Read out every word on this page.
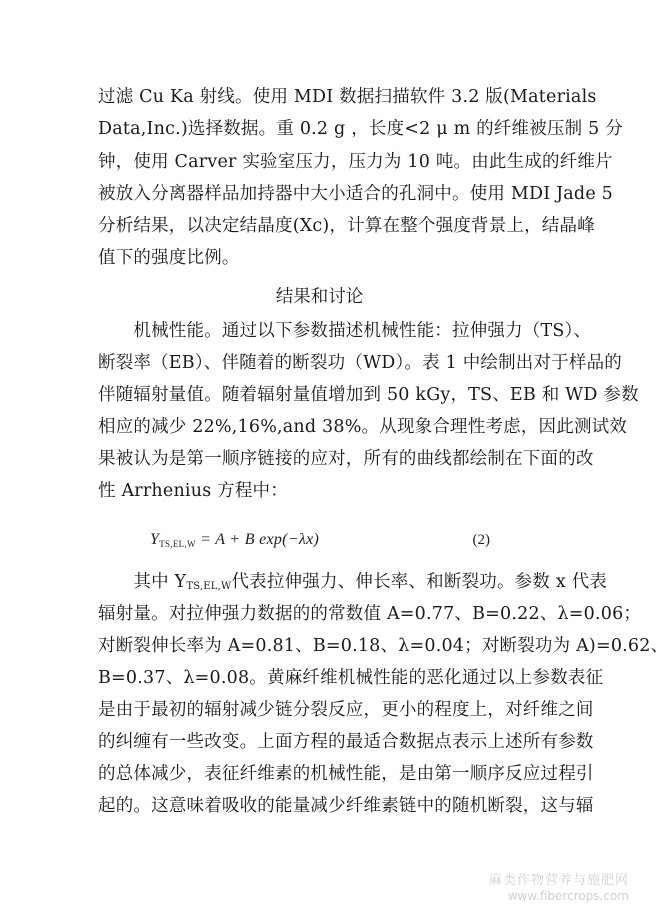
过滤 Cu Ka 射线。使用 MDI 数据扫描软件 3.2 版(Materials
Data,Inc.)选择数据。重 0.2 g ，长度<2 μ m 的纤维被压制 5 分
钟，使用 Carver 实验室压力，压力为 10 吨。由此生成的纤维片
被放入分离器样品加持器中大小适合的孔洞中。使用 MDI Jade 5
分析结果，以决定结晶度(Xc)，计算在整个强度背景上，结晶峰
值下的强度比例。
结果和讨论
　　机械性能。通过以下参数描述机械性能：拉伸强力（TS）、
断裂率（EB）、伴随着的断裂功（WD）。表 1 中绘制出对于样品的
伴随辐射量值。随着辐射量值增加到 50 kGy，TS、EB 和 WD 参数
相应的减少 22%,16%,and 38%。从现象合理性考虑，因此测试效
果被认为是第一顺序链接的应对，所有的曲线都绘制在下面的改
性 Arrhenius 方程中：
$Y_{TS,EL,W} = A + B$ exp(−λx)	(2)
　　其中 YTS,EL,W代表拉伸强力、伸长率、和断裂功。参数 x 代表
辐射量。对拉伸强力数据的的常数值 A=0.77、B=0.22、λ=0.06；
对断裂伸长率为 A=0.81、B=0.18、λ=0.04；对断裂功为 A)=0.62、
B=0.37、λ=0.08。黄麻纤维机械性能的恶化通过以上参数表征
是由于最初的辐射减少链分裂反应，更小的程度上，对纤维之间
的纠缠有一些改变。上面方程的最适合数据点表示上述所有参数
的总体减少，表征纤维素的机械性能，是由第一顺序反应过程引
起的。这意味着吸收的能量减少纤维素链中的随机断裂，这与辐
麻类作物营养与施肥网
www.fibercrops.com
